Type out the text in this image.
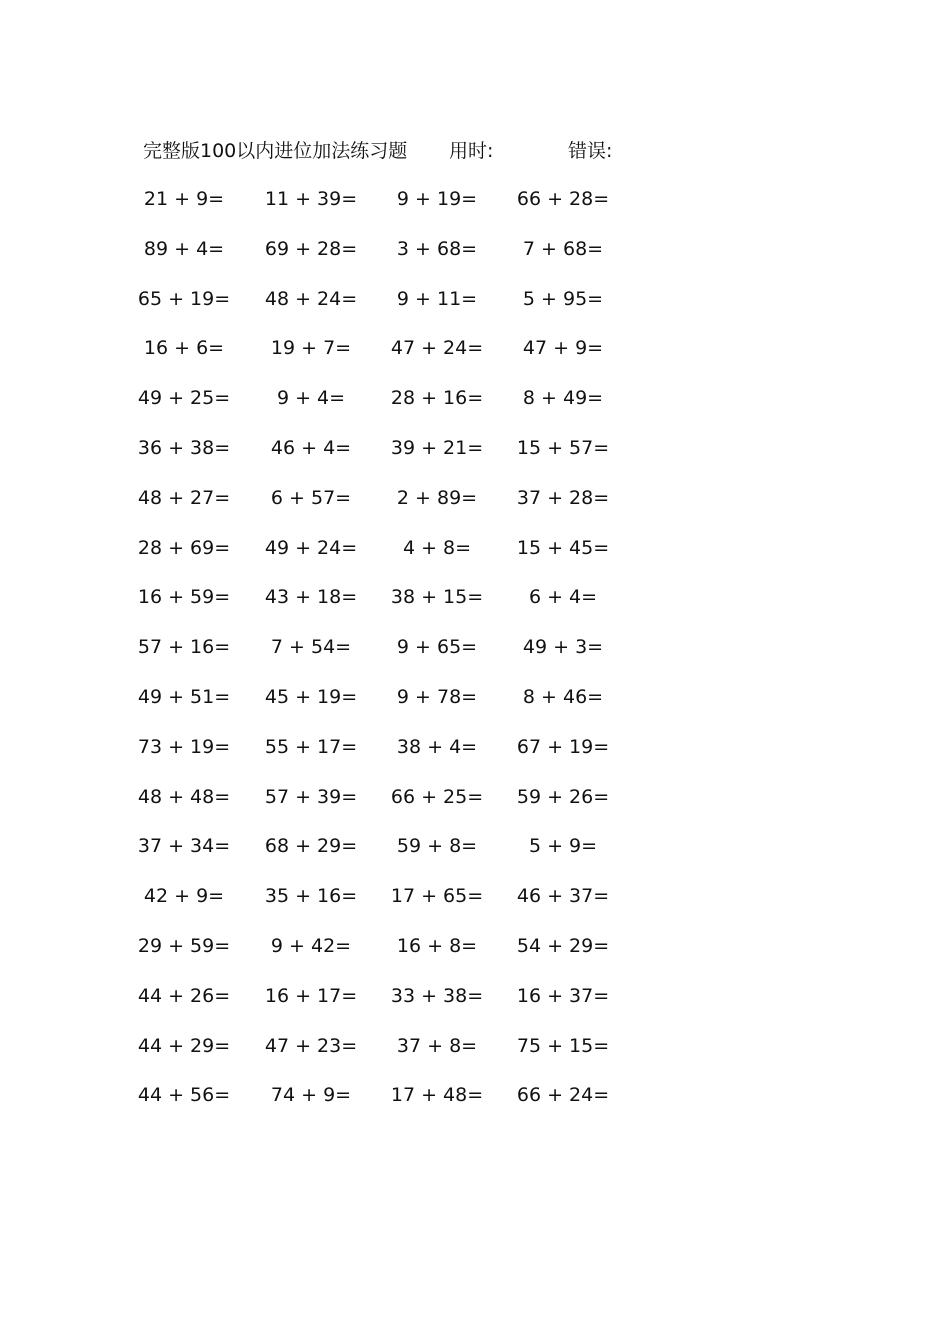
完整版100以内进位加法练习题 用时:	错误:
21 + 9= 11 + 39= 9 + 19= 66 + 28=
89 + 4= 69 + 28= 3 + 68= 7 + 68=
65 + 19= 48 + 24= 9 + 11= 5 + 95=
16 + 6= 19 + 7= 47 + 24= 47 + 9=
49 + 25= 9 + 4= 28 + 16= 8 + 49=
36 + 38= 46 + 4= 39 + 21= 15 + 57=
48 + 27= 6 + 57= 2 + 89= 37 + 28=
28 + 69= 49 + 24= 4 + 8= 15 + 45=
16 + 59= 43 + 18= 38 + 15= 6 + 4=
57 + 16= 7 + 54= 9 + 65= 49 + 3=
49 + 51= 45 + 19= 9 + 78= 8 + 46=
73 + 19= 55 + 17= 38 + 4= 67 + 19=
48 + 48= 57 + 39= 66 + 25= 59 + 26=
37 + 34= 68 + 29= 59 + 8=	5 + 9=
42 + 9= 35 + 16= 17 + 65= 46 + 37=
29 + 59= 9 + 42= 16 + 8= 54 + 29=
44 + 26= 16 + 17= 33 + 38= 16 + 37=
44 + 29= 47 + 23= 37 + 8= 75 + 15=
44 + 56= 74 + 9= 17 + 48= 66 + 24=
